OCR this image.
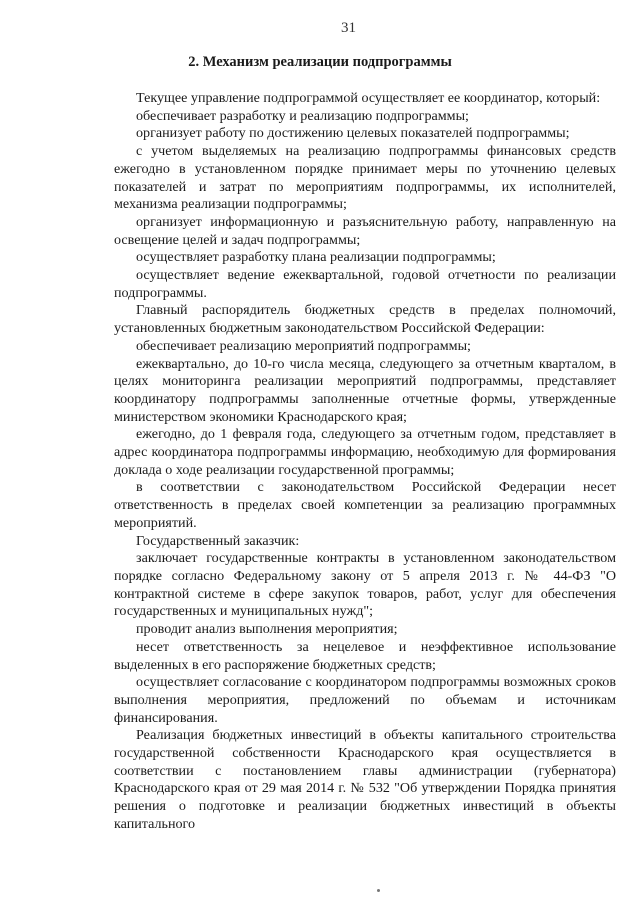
31
2. Механизм реализации подпрограммы

Текущее управление подпрограммой осуществляет ее координатор, который:

обеспечивает разработку и реализацию подпрограммы;

организует работу по достижению целевых показателей подпрограммы;

с учетом выделяемых на реализацию подпрограммы финансовых средств ежегодно в установленном порядке принимает меры по уточнению целевых показателей и затрат по мероприятиям подпрограммы, их исполнителей, механизма реализации подпрограммы;

организует информационную и разъяснительную работу, направленную на освещение целей и задач подпрограммы;

осуществляет разработку плана реализации подпрограммы;

осуществляет ведение ежеквартальной, годовой отчетности по реализации подпрограммы.

Главный распорядитель бюджетных средств в пределах полномочий, установленных бюджетным законодательством Российской Федерации:

обеспечивает реализацию мероприятий подпрограммы;

ежеквартально, до 10-го числа месяца, следующего за отчетным кварталом, в целях мониторинга реализации мероприятий подпрограммы, представляет координатору подпрограммы заполненные отчетные формы, утвержденные министерством экономики Краснодарского края;

ежегодно, до 1 февраля года, следующего за отчетным годом, представляет в адрес координатора подпрограммы информацию, необходимую для формирования доклада о ходе реализации государственной программы;

в соответствии с законодательством Российской Федерации несет ответственность в пределах своей компетенции за реализацию программных мероприятий.

Государственный заказчик:

заключает государственные контракты в установленном законодательством порядке согласно Федеральному закону от 5 апреля 2013 г. № 44-ФЗ "О контрактной системе в сфере закупок товаров, работ, услуг для обеспечения государственных и муниципальных нужд";

проводит анализ выполнения мероприятия;

несет ответственность за нецелевое и неэффективное использование выделенных в его распоряжение бюджетных средств;

осуществляет согласование с координатором подпрограммы возможных сроков выполнения мероприятия, предложений по объемам и источникам финансирования.

Реализация бюджетных инвестиций в объекты капитального строительства государственной собственности Краснодарского края осуществляется в соответствии с постановлением главы администрации (губернатора) Краснодарского края от 29 мая 2014 г. № 532 "Об утверждении Порядка принятия решения о подготовке и реализации бюджетных инвестиций в объекты капитального
